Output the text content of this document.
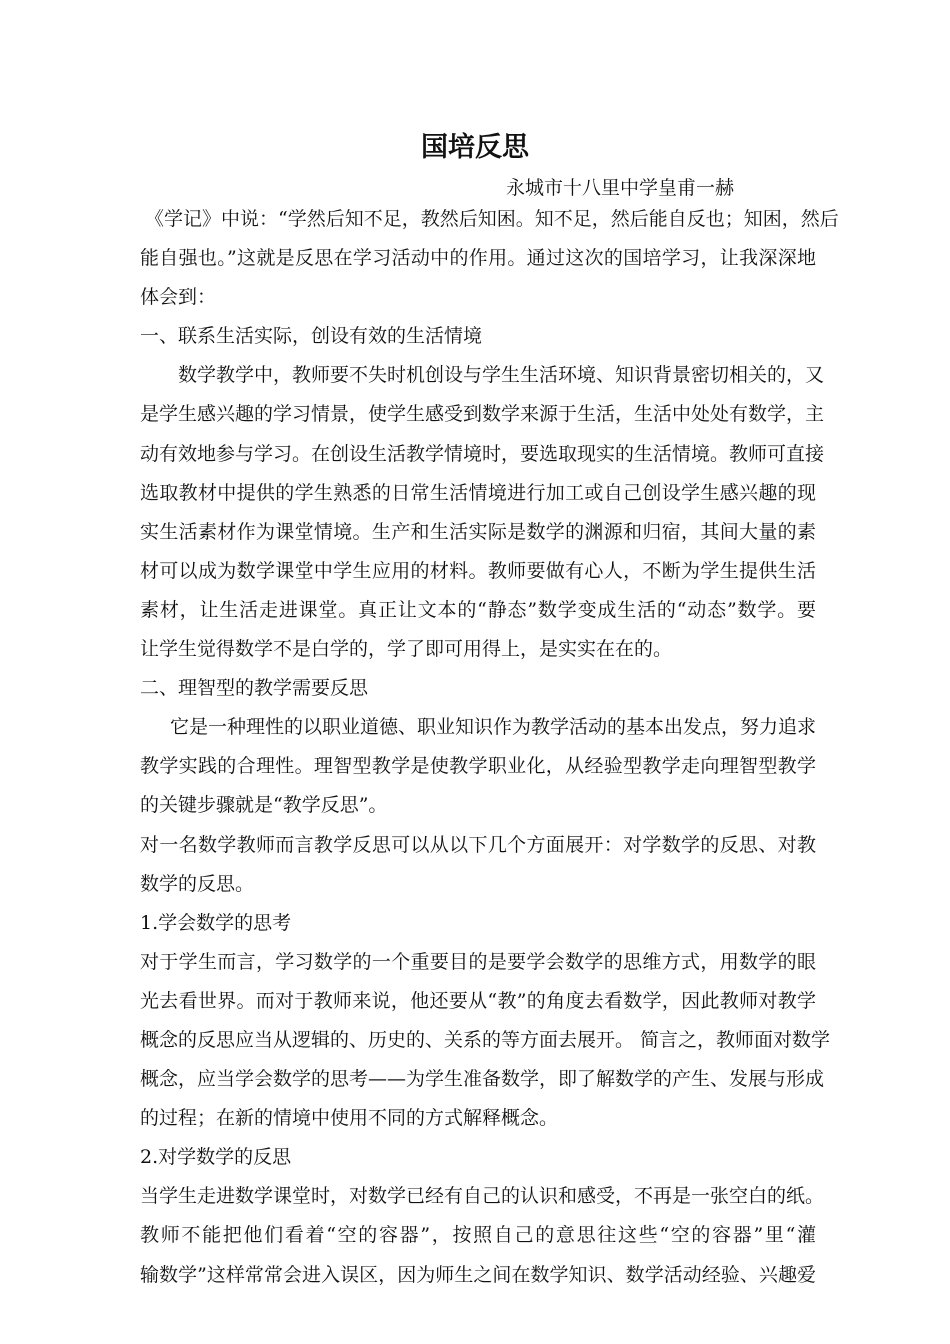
国培反思
永城市十八里中学皇甫一赫
《学记》中说：“学然后知不足，教然后知困。知不足，然后能自反也；知困，然后
能自强也。”这就是反思在学习活动中的作用。通过这次的国培学习，让我深深地
体会到：
一、联系生活实际，创设有效的生活情境
数学教学中，教师要不失时机创设与学生生活环境、知识背景密切相关的，又
是学生感兴趣的学习情景，使学生感受到数学来源于生活，生活中处处有数学，主
动有效地参与学习。在创设生活教学情境时，要选取现实的生活情境。教师可直接
选取教材中提供的学生熟悉的日常生活情境进行加工或自己创设学生感兴趣的现
实生活素材作为课堂情境。生产和生活实际是数学的渊源和归宿，其间大量的素
材可以成为数学课堂中学生应用的材料。教师要做有心人，不断为学生提供生活
素材，让生活走进课堂。真正让文本的“静态”数学变成生活的“动态”数学。要
让学生觉得数学不是白学的，学了即可用得上，是实实在在的。
二、理智型的教学需要反思
它是一种理性的以职业道德、职业知识作为教学活动的基本出发点，努力追求
教学实践的合理性。理智型教学是使教学职业化，从经验型教学走向理智型教学
的关键步骤就是“教学反思”。
对一名数学教师而言教学反思可以从以下几个方面展开：对学数学的反思、对教
数学的反思。
1.学会数学的思考
对于学生而言，学习数学的一个重要目的是要学会数学的思维方式，用数学的眼
光去看世界。而对于教师来说，他还要从“教”的角度去看数学，因此教师对教学
概念的反思应当从逻辑的、历史的、关系的等方面去展开。 简言之，教师面对数学
概念，应当学会数学的思考——为学生准备数学，即了解数学的产生、发展与形成
的过程；在新的情境中使用不同的方式解释概念。
2.对学数学的反思
当学生走进数学课堂时，对数学已经有自己的认识和感受，不再是一张空白的纸。
教师不能把他们看着“空的容器”，按照自己的意思往这些“空的容器”里“灌
输数学”这样常常会进入误区，因为师生之间在数学知识、数学活动经验、兴趣爱
